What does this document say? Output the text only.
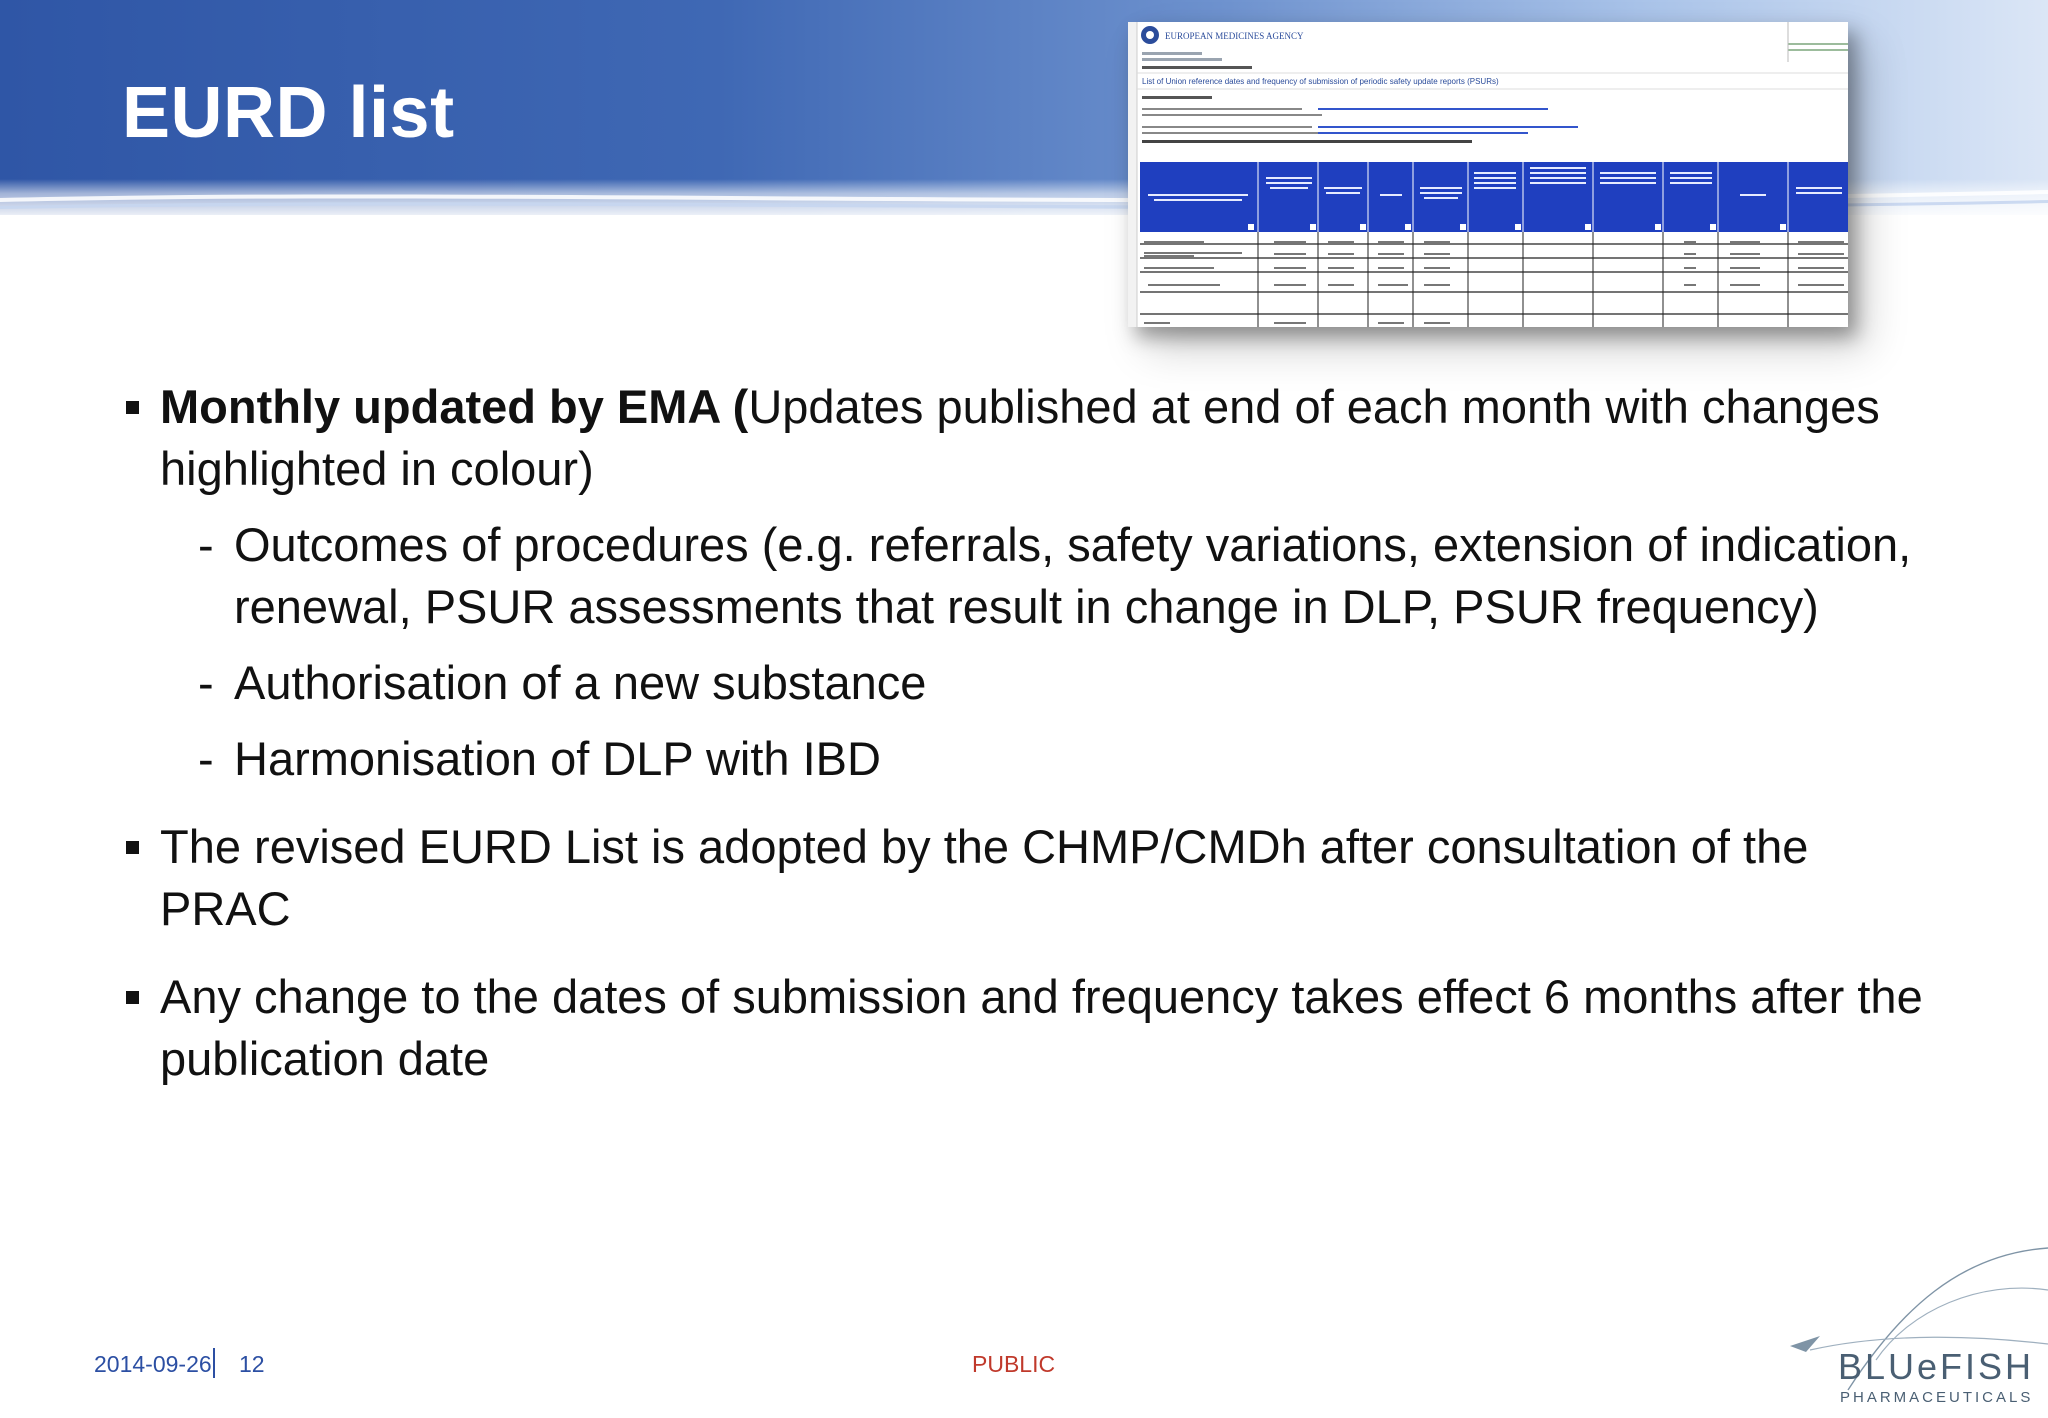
EURD list
EUROPEAN MEDICINES AGENCY
List of Union reference dates and frequency of submission of periodic safety update reports (PSURs)
Monthly updated by EMA (Updates published at end of each month with changes highlighted in colour)
- Outcomes of procedures (e.g. referrals, safety variations, extension of indication, renewal, PSUR assessments that result in change in DLP, PSUR frequency)
- Authorisation of a new substance
- Harmonisation of DLP with IBD
The revised EURD List is adopted by the CHMP/CMDh after consultation of the PRAC
Any change to the dates of submission and frequency takes effect 6 months after the publication date
2014-09-26 12	PUBLIC	BLUeFISH
PHARMACEUTICALS
